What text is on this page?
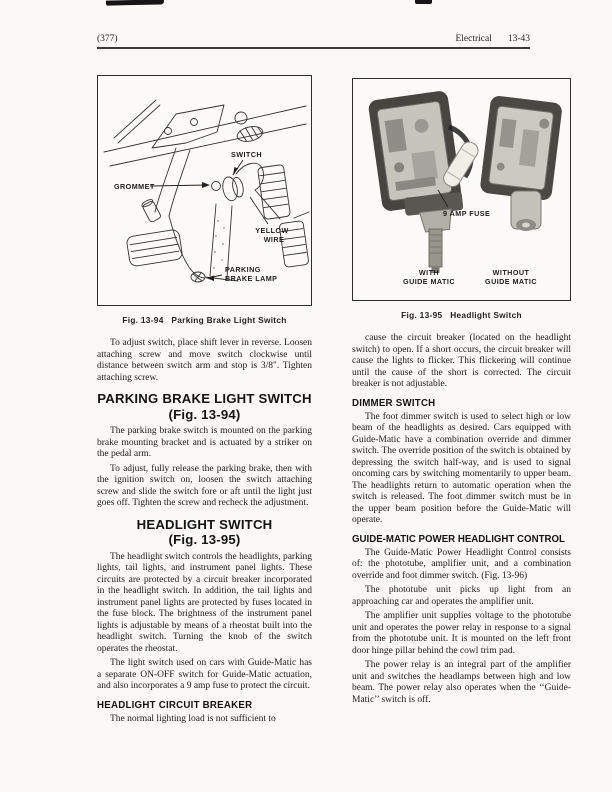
(377)	Electrical 13-43
SWITCH
GROMMET
YELLOW
WIRE
PARKING
BRAKE LAMP
Fig. 13-94   Parking Brake Light Switch

To adjust switch, place shift lever in reverse. Loosen attaching screw and move switch clockwise until distance between switch arm and stop is 3/8". Tighten attaching screw.

PARKING BRAKE LIGHT SWITCH
(Fig. 13-94)

The parking brake switch is mounted on the parking brake mounting bracket and is actuated by a striker on the pedal arm.

To adjust, fully release the parking brake, then with the ignition switch on, loosen the switch attaching screw and slide the switch fore or aft until the light just goes off. Tighten the screw and recheck the adjustment.

HEADLIGHT SWITCH
(Fig. 13-95)

The headlight switch controls the headlights, parking lights, tail lights, and instrument panel lights. These circuits are protected by a circuit breaker incorporated in the headlight switch. In addition, the tail lights and instrument panel lights are protected by fuses located in the fuse block. The brightness of the instrument panel lights is adjustable by means of a rheostat built into the headlight switch. Turning the knob of the switch operates the rheostat.

The light switch used on cars with Guide-Matic has a separate ON-OFF switch for Guide-Matic actuation, and also incorporates a 9 amp fuse to protect the circuit.

HEADLIGHT CIRCUIT BREAKER

The normal lighting load is not sufficient to

9 AMP FUSE
WITH
GUIDE MATIC
WITHOUT
GUIDE MATIC
Fig. 13-95   Headlight Switch

cause the circuit breaker (located on the headlight switch) to open. If a short occurs, the circuit breaker will cause the lights to flicker. This flickering will continue until the cause of the short is corrected. The circuit breaker is not adjustable.

DIMMER SWITCH

The foot dimmer switch is used to select high or low beam of the headlights as desired. Cars equipped with Guide-Matic have a combination override and dimmer switch. The override position of the switch is obtained by depressing the switch half-way, and is used to signal oncoming cars by switching momentarily to upper beam. The headlights return to automatic operation when the switch is released. The foot dimmer switch must be in the upper beam position before the Guide-Matic will operate.

GUIDE-MATIC POWER HEADLIGHT CONTROL

The Guide-Matic Power Headlight Control consists of: the phototube, amplifier unit, and a combination override and foot dimmer switch. (Fig. 13-96)

The phototube unit picks up light from an approaching car and operates the amplifier unit.

The amplifier unit supplies voltage to the phototube unit and operates the power relay in response to a signal from the phototube unit. It is mounted on the left front door hinge pillar behind the cowl trim pad.

The power relay is an integral part of the amplifier unit and switches the headlamps between high and low beam. The power relay also operates when the ‘‘Guide-Matic’’ switch is off.
